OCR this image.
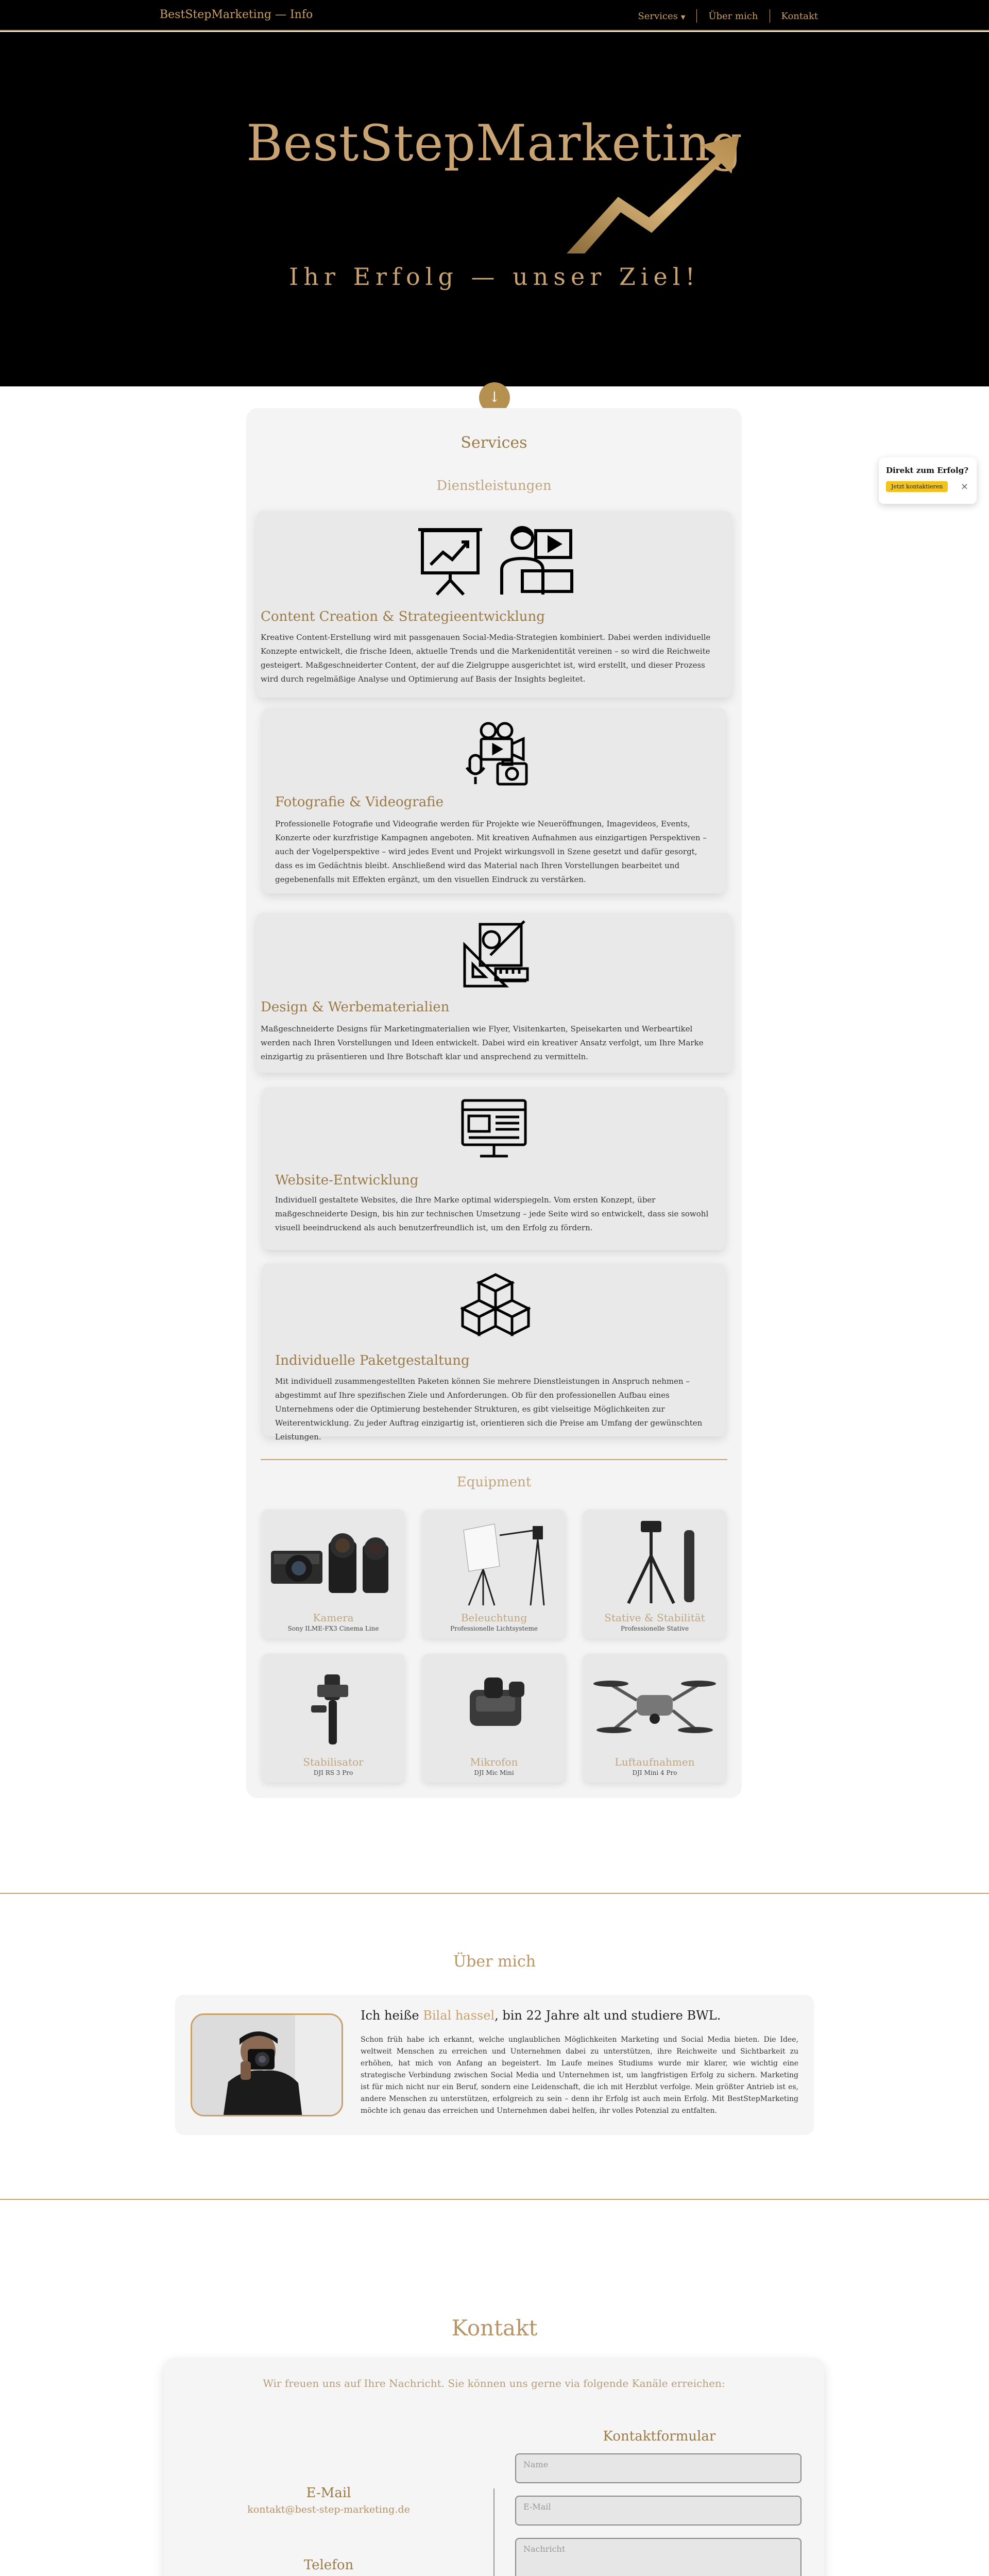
BestStepMarketing — Info	Services ▼	Über mich	Kontakt
BestStepMarketing
Ihr Erfolg — unser Ziel!
↓
Services
Dienstleistungen
Content Creation & Strategieentwicklung
Kreative Content-Erstellung wird mit passgenauen Social-Media-Strategien kombiniert. Dabei werden individuelle Konzepte entwickelt, die frische Ideen, aktuelle Trends und die Markenidentität vereinen – so wird die Reichweite gesteigert. Maßgeschneiderter Content, der auf die Zielgruppe ausgerichtet ist, wird erstellt, und dieser Prozess wird durch regelmäßige Analyse und Optimierung auf Basis der Insights begleitet.
Fotografie & Videografie
Professionelle Fotografie und Videografie werden für Projekte wie Neueröffnungen, Imagevideos, Events, Konzerte oder kurzfristige Kampagnen angeboten. Mit kreativen Aufnahmen aus einzigartigen Perspektiven – auch der Vogelperspektive – wird jedes Event und Projekt wirkungsvoll in Szene gesetzt und dafür gesorgt, dass es im Gedächtnis bleibt. Anschließend wird das Material nach Ihren Vorstellungen bearbeitet und gegebenenfalls mit Effekten ergänzt, um den visuellen Eindruck zu verstärken.
Design & Werbematerialien
Maßgeschneiderte Designs für Marketingmaterialien wie Flyer, Visitenkarten, Speisekarten und Werbeartikel werden nach Ihren Vorstellungen und Ideen entwickelt. Dabei wird ein kreativer Ansatz verfolgt, um Ihre Marke einzigartig zu präsentieren und Ihre Botschaft klar und ansprechend zu vermitteln.
Website-Entwicklung
Individuell gestaltete Websites, die Ihre Marke optimal widerspiegeln. Vom ersten Konzept, über maßgeschneiderte Design, bis hin zur technischen Umsetzung – jede Seite wird so entwickelt, dass sie sowohl visuell beeindruckend als auch benutzerfreundlich ist, um den Erfolg zu fördern.
Individuelle Paketgestaltung
Mit individuell zusammengestellten Paketen können Sie mehrere Dienstleistungen in Anspruch nehmen – abgestimmt auf Ihre spezifischen Ziele und Anforderungen. Ob für den professionellen Aufbau eines Unternehmens oder die Optimierung bestehender Strukturen, es gibt vielseitige Möglichkeiten zur Weiterentwicklung. Zu jeder Auftrag einzigartig ist, orientieren sich die Preise am Umfang der gewünschten Leistungen.
Equipment
Kamera
Sony ILME-FX3 Cinema Line
Beleuchtung
Professionelle Lichtsysteme
Stative & Stabilität
Professionelle Stative
Stabilisator
DJI RS 3 Pro
Mikrofon
DJI Mic Mini
Luftaufnahmen
DJI Mini 4 Pro
Direkt zum Erfolg?
Jetzt kontaktieren	×
Über mich
Ich heiße Bilal hassel, bin 22 Jahre alt und studiere BWL.
Schon früh habe ich erkannt, welche unglaublichen Möglichkeiten Marketing und Social Media bieten. Die Idee, weltweit Menschen zu erreichen und Unternehmen dabei zu unterstützen, ihre Reichweite und Sichtbarkeit zu erhöhen, hat mich von Anfang an begeistert. Im Laufe meines Studiums wurde mir klarer, wie wichtig eine strategische Verbindung zwischen Social Media und Unternehmen ist, um langfristigen Erfolg zu sichern. Marketing ist für mich nicht nur ein Beruf, sondern eine Leidenschaft, die ich mit Herzblut verfolge. Mein größter Antrieb ist es, andere Menschen zu unterstützen, erfolgreich zu sein – denn ihr Erfolg ist auch mein Erfolg. Mit BestStepMarketing möchte ich genau das erreichen und Unternehmen dabei helfen, ihr volles Potenzial zu entfalten.
Kontakt
Wir freuen uns auf Ihre Nachricht. Sie können uns gerne via folgende Kanäle erreichen:
E-Mail
kontakt@best-step-marketing.de
Telefon
Kontaktformular
Name
E-Mail
Nachricht
